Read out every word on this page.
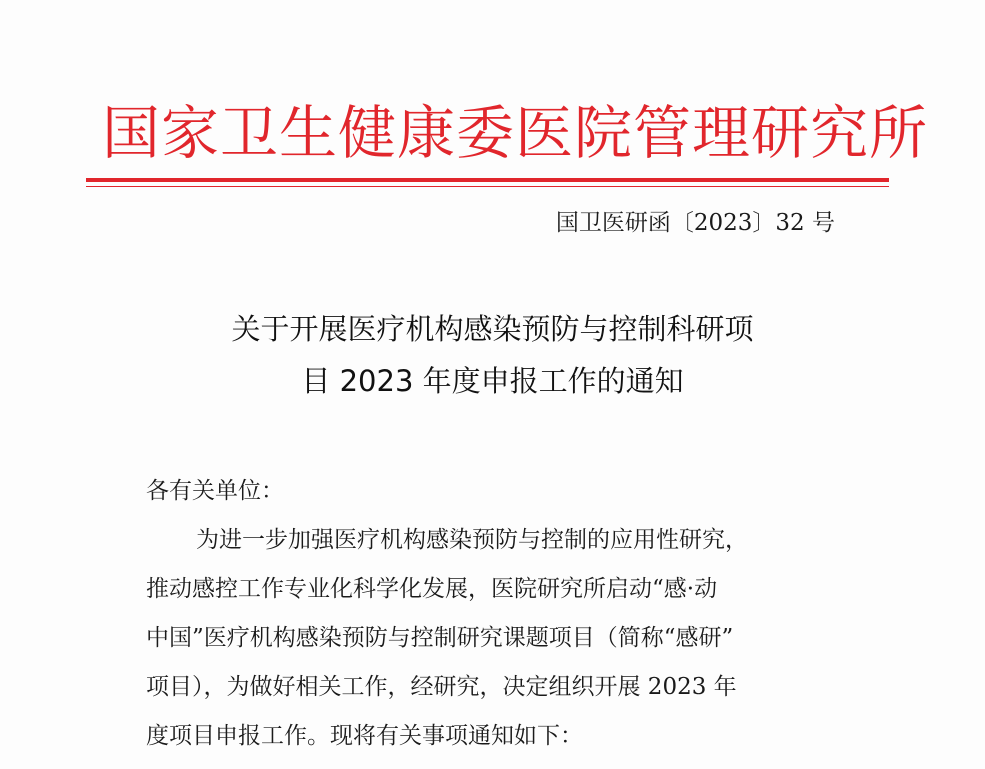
国家卫生健康委医院管理研究所
国卫医研函〔2023〕32 号
关于开展医疗机构感染预防与控制科研项
目 2023 年度申报工作的通知
各有关单位：
为进一步加强医疗机构感染预防与控制的应用性研究，
推动感控工作专业化科学化发展，医院研究所启动“感·动
中国”医疗机构感染预防与控制研究课题项目（简称“感研”
项目），为做好相关工作，经研究，决定组织开展 2023 年
度项目申报工作。现将有关事项通知如下：
